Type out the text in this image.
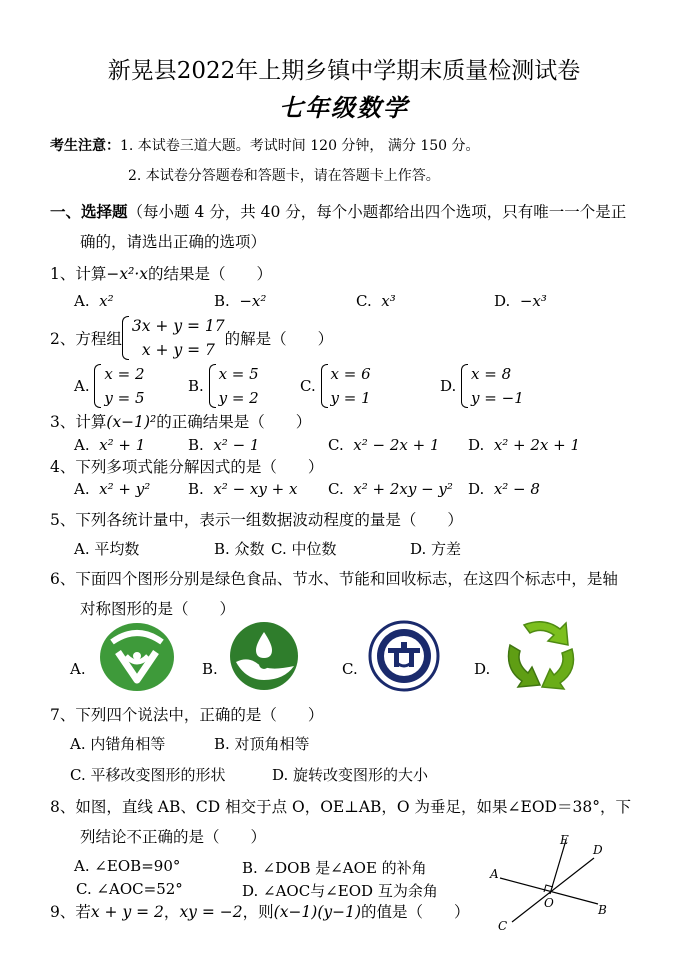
新晃县2022年上期乡镇中学期末质量检测试卷
七年级数学
考生注意：1. 本试卷三道大题。考试时间 120 分钟， 满分 150 分。
2. 本试卷分答题卷和答题卡，请在答题卡上作答。
一、选择题（每小题 4 分，共 40 分，每个小题都给出四个选项，只有唯一一个是正
确的，请选出正确的选项）
1、计算−x²·x的结果是（　　）
A. x²	B. −x²	C. x³	D. −x³
2、方程组
3x + y = 17
x + y = 7
的解是（　　）
A.
x = 2
y = 5
B.
x = 5
y = 2
C.
x = 6
y = 1
D.
x = 8
y = −1
3、计算(x−1)²的正确结果是（　　）
A. x² + 1	B. x² − 1	C. x² − 2x + 1 D. x² + 2x + 1
4、下列多项式能分解因式的是（　　）
A. x² + y²	B. x² − xy + x C. x² + 2xy − y² D. x² − 8
5、下列各统计量中，表示一组数据波动程度的量是（　　）
A. 平均数	B. 众数 C. 中位数	D. 方差
6、下面四个图形分别是绿色食品、节水、节能和回收标志，在这四个标志中，是轴
对称图形的是（　　）
A.	B.	C.	D.
7、下列四个说法中，正确的是（　　）
A. 内错角相等	B. 对顶角相等
C. 平移改变图形的形状	D. 旋转改变图形的大小
8、如图，直线 AB、CD 相交于点 O，OE⊥AB，O 为垂足，如果∠EOD＝38°，下
列结论不正确的是（　　）
A. ∠EOB=90°	B. ∠DOB 是∠AOE 的补角
C. ∠AOC=52°	D. ∠AOC与∠EOD 互为余角
E
D
A
O	B
C
9、若x + y = 2，xy = −2，则(x−1)(y−1)的值是（　　）
